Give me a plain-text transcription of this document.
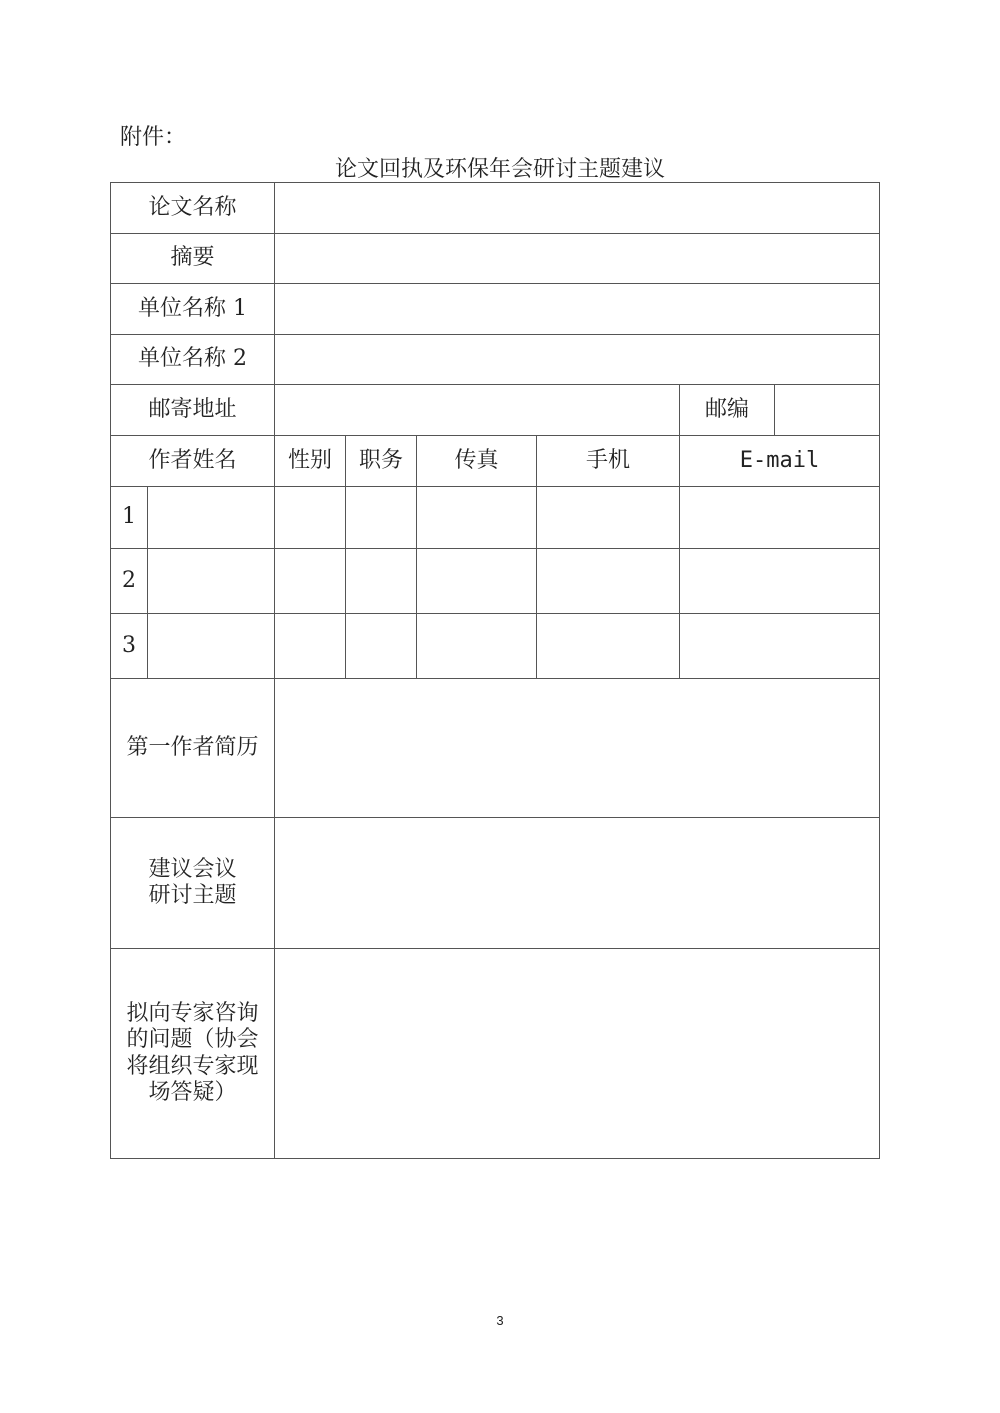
附件：
论文回执及环保年会研讨主题建议
论文名称							
摘要							
单位名称 1							
单位名称 2							
邮寄地址						邮编	
作者姓名		性别	职务	传真	手机	E-mail	
1							
2							
3							
第一作者简历							

建议会议
研讨主题							

拟向专家咨询
的问题（协会
将组织专家现
场答疑）							

3
